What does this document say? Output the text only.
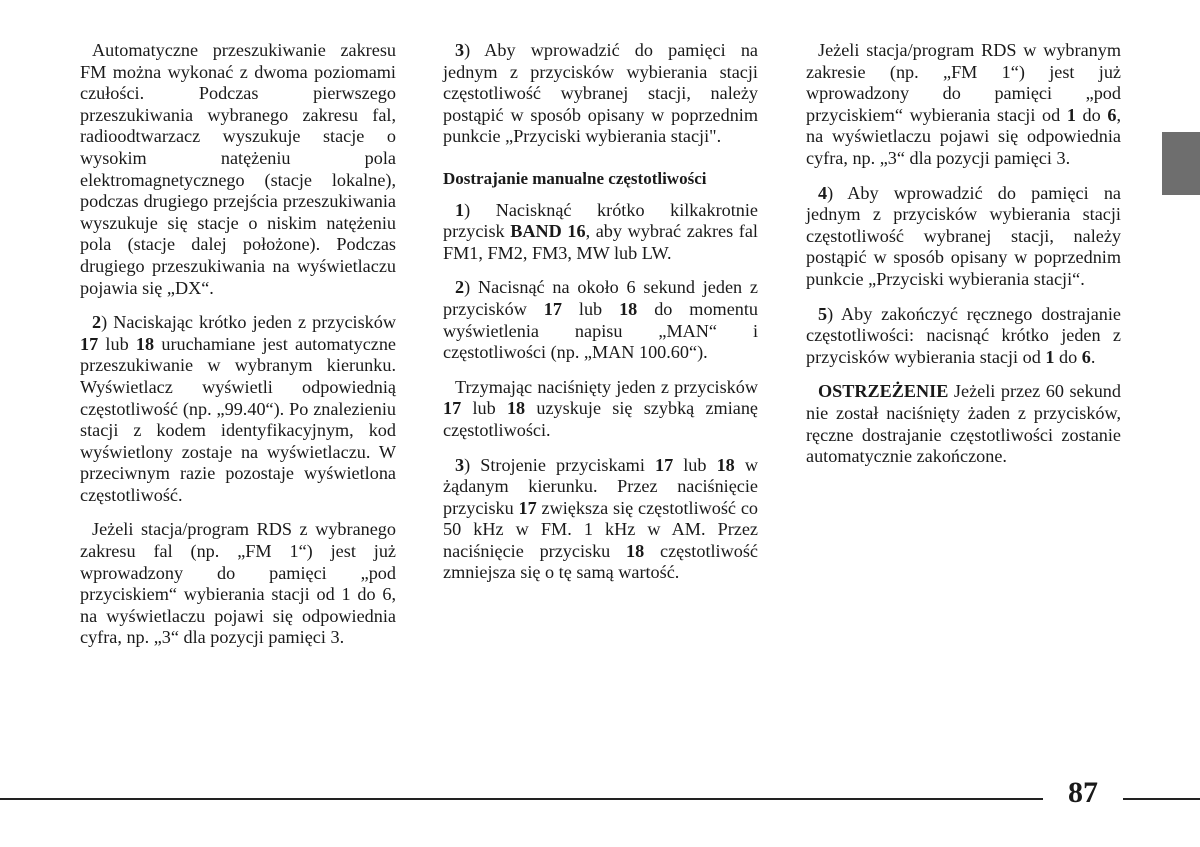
Automatyczne przeszukiwanie zakresu FM można wykonać z dwoma poziomami czułości. Podczas pierwszego przeszukiwania wybranego zakresu fal, radioodtwarzacz wyszukuje stacje o wysokim natężeniu pola elektromagnetycznego (stacje lokalne), podczas drugiego przejścia przeszukiwania wyszukuje się stacje o niskim natężeniu pola (stacje dalej położone). Podczas drugiego przeszukiwania na wyświetlaczu pojawia się „DX“.

2) Naciskając krótko jeden z przycisków 17 lub 18 uruchamiane jest automatyczne przeszukiwanie w wybranym kierunku. Wyświetlacz wyświetli odpowiednią częstotliwość (np. „99.40“). Po znalezieniu stacji z kodem identyfikacyjnym, kod wyświetlony zostaje na wyświetlaczu. W przeciwnym razie pozostaje wyświetlona częstotliwość.

Jeżeli stacja/program RDS z wybranego zakresu fal (np. „FM 1“) jest już wprowadzony do pamięci „pod przyciskiem“ wybierania stacji od 1 do 6, na wyświetlaczu pojawi się odpowiednia cyfra, np. „3“ dla pozycji pamięci 3.

3) Aby wprowadzić do pamięci na jednym z przycisków wybierania stacji częstotliwość wybranej stacji, należy postąpić w sposób opisany w poprzednim punkcie „Przyciski wybierania stacji".

Dostrajanie manualne częstotliwości

1) Nacisknąć krótko kilkakrotnie przycisk BAND 16, aby wybrać zakres fal FM1, FM2, FM3, MW lub LW.

2) Nacisnąć na około 6 sekund jeden z przycisków 17 lub 18 do momentu wyświetlenia napisu „MAN“ i częstotliwości (np. „MAN 100.60“).

Trzymając naciśnięty jeden z przycisków 17 lub 18 uzyskuje się szybką zmianę częstotliwości.

3) Strojenie przyciskami 17 lub 18 w żądanym kierunku. Przez naciśnięcie przycisku 17 zwiększa się częstotliwość co 50 kHz w FM. 1 kHz w AM. Przez naciśnięcie przycisku 18 częstotliwość zmniejsza się o tę samą wartość.

Jeżeli stacja/program RDS w wybranym zakresie (np. „FM 1“) jest już wprowadzony do pamięci „pod przyciskiem“ wybierania stacji od 1 do 6, na wyświetlaczu pojawi się odpowiednia cyfra, np. „3“ dla pozycji pamięci 3.

4) Aby wprowadzić do pamięci na jednym z przycisków wybierania stacji częstotliwość wybranej stacji, należy postąpić w sposób opisany w poprzednim punkcie „Przyciski wybierania stacji“.

5) Aby zakończyć ręcznego dostrajanie częstotliwości: nacisnąć krótko jeden z przycisków wybierania stacji od 1 do 6.

OSTRZEŻENIE Jeżeli przez 60 sekund nie został naciśnięty żaden z przycisków, ręczne dostrajanie częstotliwości zostanie automatycznie zakończone.

87
